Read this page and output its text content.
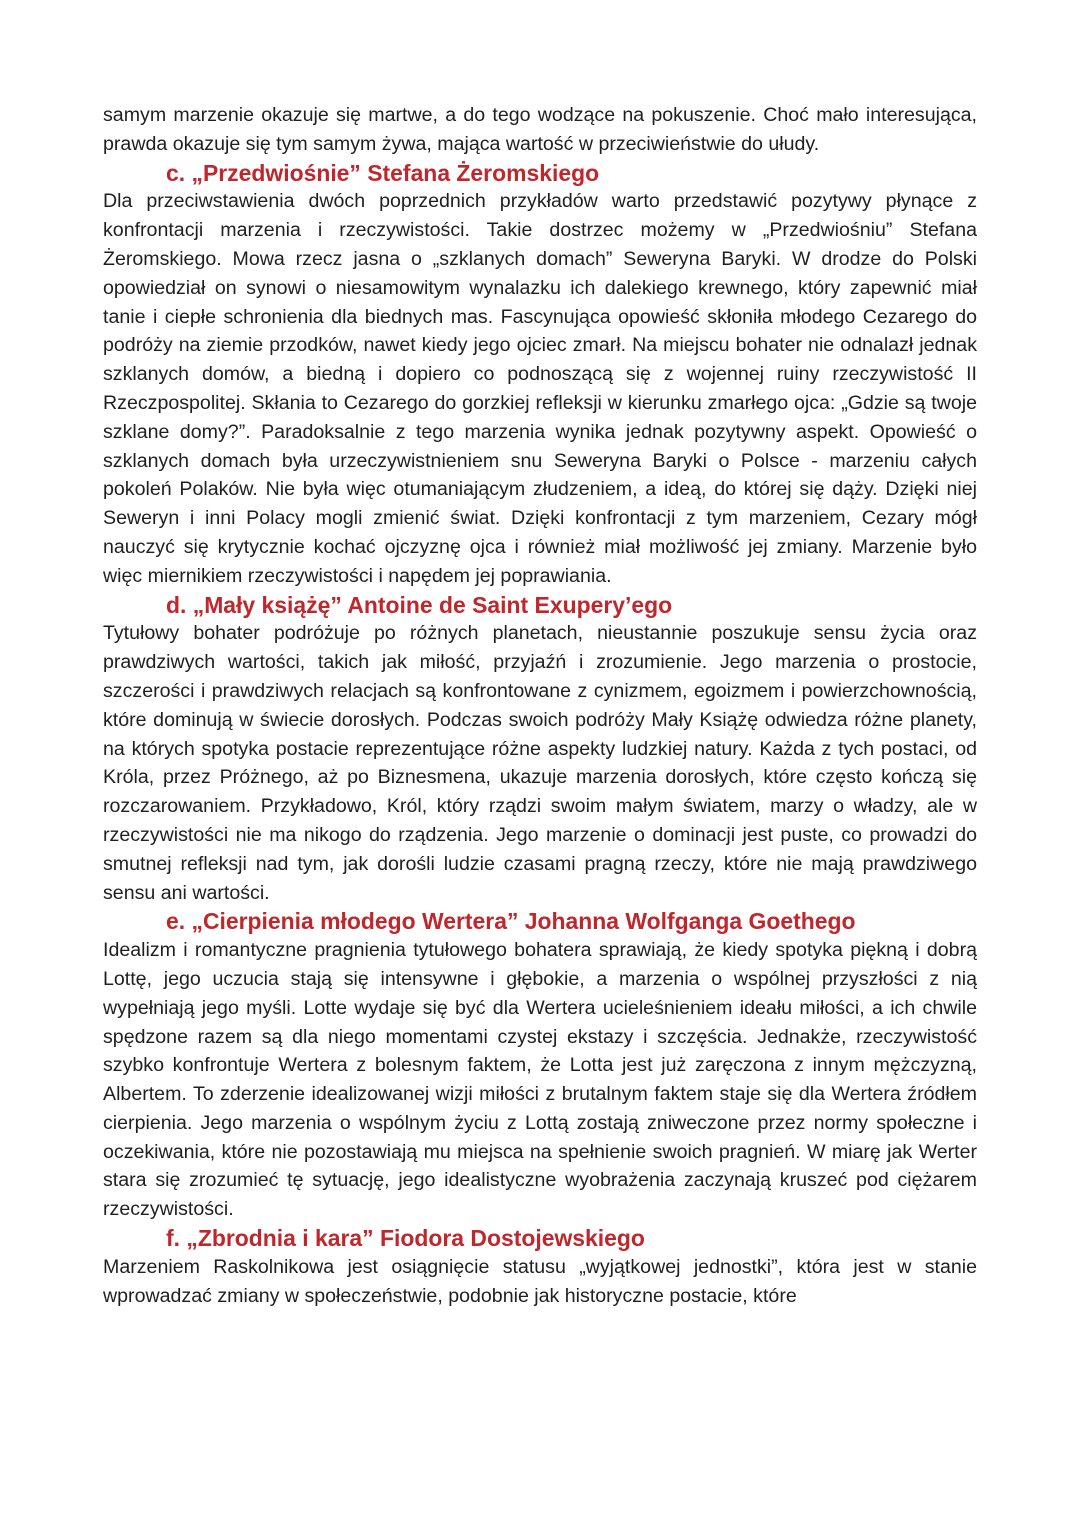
samym marzenie okazuje się martwe, a do tego wodzące na pokuszenie. Choć mało interesująca, prawda okazuje się tym samym żywa, mająca wartość w przeciwieństwie do ułudy.

c. „Przedwiośnie” Stefana Żeromskiego

Dla przeciwstawienia dwóch poprzednich przykładów warto przedstawić pozytywy płynące z konfrontacji marzenia i rzeczywistości. Takie dostrzec możemy w „Przedwiośniu” Stefana Żeromskiego. Mowa rzecz jasna o „szklanych domach” Seweryna Baryki. W drodze do Polski opowiedział on synowi o niesamowitym wynalazku ich dalekiego krewnego, który zapewnić miał tanie i ciepłe schronienia dla biednych mas. Fascynująca opowieść skłoniła młodego Cezarego do podróży na ziemie przodków, nawet kiedy jego ojciec zmarł. Na miejscu bohater nie odnalazł jednak szklanych domów, a biedną i dopiero co podnoszącą się z wojennej ruiny rzeczywistość II Rzeczpospolitej. Skłania to Cezarego do gorzkiej refleksji w kierunku zmarłego ojca: „Gdzie są twoje szklane domy?”. Paradoksalnie z tego marzenia wynika jednak pozytywny aspekt. Opowieść o szklanych domach była urzeczywistnieniem snu Seweryna Baryki o Polsce - marzeniu całych pokoleń Polaków. Nie była więc otumaniającym złudzeniem, a ideą, do której się dąży. Dzięki niej Seweryn i inni Polacy mogli zmienić świat. Dzięki konfrontacji z tym marzeniem, Cezary mógł nauczyć się krytycznie kochać ojczyznę ojca i również miał możliwość jej zmiany. Marzenie było więc miernikiem rzeczywistości i napędem jej poprawiania.

d. „Mały książę” Antoine de Saint Exupery’ego

Tytułowy bohater podróżuje po różnych planetach, nieustannie poszukuje sensu życia oraz prawdziwych wartości, takich jak miłość, przyjaźń i zrozumienie. Jego marzenia o prostocie, szczerości i prawdziwych relacjach są konfrontowane z cynizmem, egoizmem i powierzchownością, które dominują w świecie dorosłych. Podczas swoich podróży Mały Książę odwiedza różne planety, na których spotyka postacie reprezentujące różne aspekty ludzkiej natury. Każda z tych postaci, od Króla, przez Próżnego, aż po Biznesmena, ukazuje marzenia dorosłych, które często kończą się rozczarowaniem. Przykładowo, Król, który rządzi swoim małym światem, marzy o władzy, ale w rzeczywistości nie ma nikogo do rządzenia. Jego marzenie o dominacji jest puste, co prowadzi do smutnej refleksji nad tym, jak dorośli ludzie czasami pragną rzeczy, które nie mają prawdziwego sensu ani wartości.

e. „Cierpienia młodego Wertera” Johanna Wolfganga Goethego

Idealizm i romantyczne pragnienia tytułowego bohatera sprawiają, że kiedy spotyka piękną i dobrą Lottę, jego uczucia stają się intensywne i głębokie, a marzenia o wspólnej przyszłości z nią wypełniają jego myśli. Lotte wydaje się być dla Wertera ucieleśnieniem ideału miłości, a ich chwile spędzone razem są dla niego momentami czystej ekstazy i szczęścia. Jednakże, rzeczywistość szybko konfrontuje Wertera z bolesnym faktem, że Lotta jest już zaręczona z innym mężczyzną, Albertem. To zderzenie idealizowanej wizji miłości z brutalnym faktem staje się dla Wertera źródłem cierpienia. Jego marzenia o wspólnym życiu z Lottą zostają zniweczone przez normy społeczne i oczekiwania, które nie pozostawiają mu miejsca na spełnienie swoich pragnień. W miarę jak Werter stara się zrozumieć tę sytuację, jego idealistyczne wyobrażenia zaczynają kruszeć pod ciężarem rzeczywistości.

f. „Zbrodnia i kara” Fiodora Dostojewskiego

Marzeniem Raskolnikowa jest osiągnięcie statusu „wyjątkowej jednostki”, która jest w stanie wprowadzać zmiany w społeczeństwie, podobnie jak historyczne postacie, które
